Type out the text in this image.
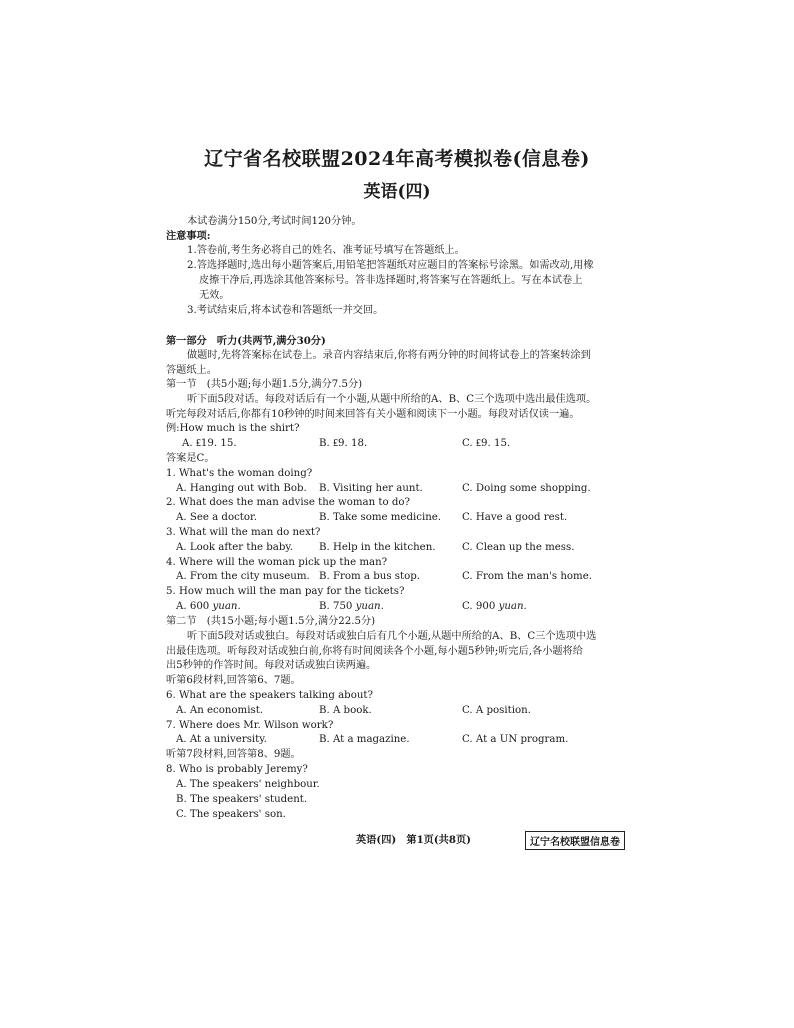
辽宁省名校联盟2024年高考模拟卷(信息卷)
英语(四)
本试卷满分150分,考试时间120分钟。
注意事项:
1.答卷前,考生务必将自己的姓名、准考证号填写在答题纸上。
2.答选择题时,选出每小题答案后,用铅笔把答题纸对应题目的答案标号涂黑。如需改动,用橡
皮擦干净后,再选涂其他答案标号。答非选择题时,将答案写在答题纸上。写在本试卷上
无效。
3.考试结束后,将本试卷和答题纸一并交回。
第一部分　听力(共两节,满分30分)
做题时,先将答案标在试卷上。录音内容结束后,你将有两分钟的时间将试卷上的答案转涂到
答题纸上。
第一节　(共5小题;每小题1.5分,满分7.5分)
听下面5段对话。每段对话后有一个小题,从题中所给的A、B、C三个选项中选出最佳选项。
听完每段对话后,你都有10秒钟的时间来回答有关小题和阅读下一小题。每段对话仅读一遍。
例:How much is the shirt?
A. ₤19. 15.	B. ₤9. 18.	C. ₤9. 15.
答案是C。
1. What's the woman doing?
A. Hanging out with Bob. B. Visiting her aunt.	C. Doing some shopping.
2. What does the man advise the woman to do?
A. See a doctor.	B. Take some medicine. C. Have a good rest.
3. What will the man do next?
A. Look after the baby.	B. Help in the kitchen.	C. Clean up the mess.
4. Where will the woman pick up the man?
A. From the city museum. B. From a bus stop.	C. From the man's home.
5. How much will the man pay for the tickets?
A. 600 yuan.	B. 750 yuan.	C. 900 yuan.
第二节　(共15小题;每小题1.5分,满分22.5分)
听下面5段对话或独白。每段对话或独白后有几个小题,从题中所给的A、B、C三个选项中选
出最佳选项。听每段对话或独白前,你将有时间阅读各个小题,每小题5秒钟;听完后,各小题将给
出5秒钟的作答时间。每段对话或独白读两遍。
听第6段材料,回答第6、7题。
6. What are the speakers talking about?
A. An economist.	B. A book.	C. A position.
7. Where does Mr. Wilson work?
A. At a university.	B. At a magazine.	C. At a UN program.
听第7段材料,回答第8、9题。
8. Who is probably Jeremy?
A. The speakers' neighbour.
B. The speakers' student.
C. The speakers' son.
英语(四)　第1页(共8页)	辽宁名校联盟信息卷
